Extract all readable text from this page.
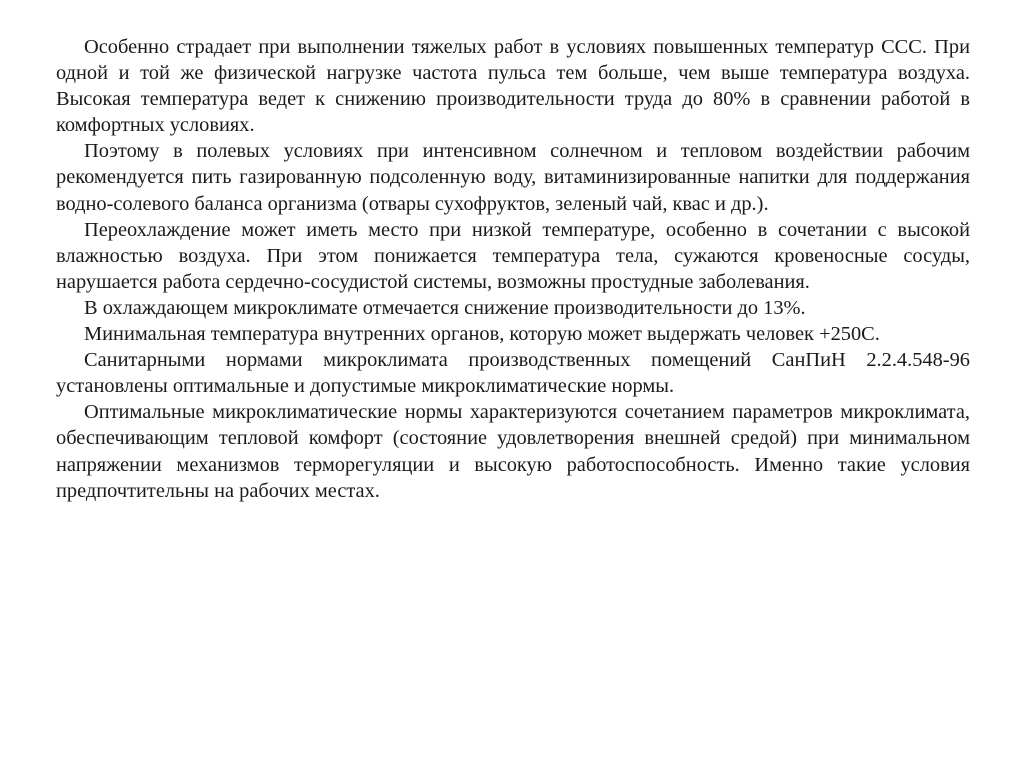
Особенно страдает при выполнении тяжелых работ в условиях повышенных температур ССС. При одной и той же физической нагрузке частота пульса тем больше, чем выше температура воздуха. Высокая температура ведет к снижению производительности труда до 80% в сравнении работой в комфортных условиях.

Поэтому в полевых условиях при интенсивном солнечном и тепловом воздействии рабочим рекомендуется пить газированную подсоленную воду, витаминизированные напитки для поддержания водно-солевого баланса организма (отвары сухофруктов, зеленый чай, квас и др.).

Переохлаждение может иметь место при низкой температуре, особенно в сочетании с высокой влажностью воздуха. При этом понижается температура тела, сужаются кровеносные сосуды, нарушается работа сердечно-сосудистой системы, возможны простудные заболевания.

В охлаждающем микроклимате отмечается снижение производительности до 13%.

Минимальная температура внутренних органов, которую может выдержать человек +250С.

Санитарными нормами микроклимата производственных помещений СанПиН 2.2.4.548-96 установлены оптимальные и допустимые микроклиматические нормы.

Оптимальные микроклиматические нормы характеризуются сочетанием параметров микроклимата, обеспечивающим тепловой комфорт (состояние удовлетворения внешней средой) при минимальном напряжении механизмов терморегуляции и высокую работоспособность. Именно такие условия предпочтительны на рабочих местах.
